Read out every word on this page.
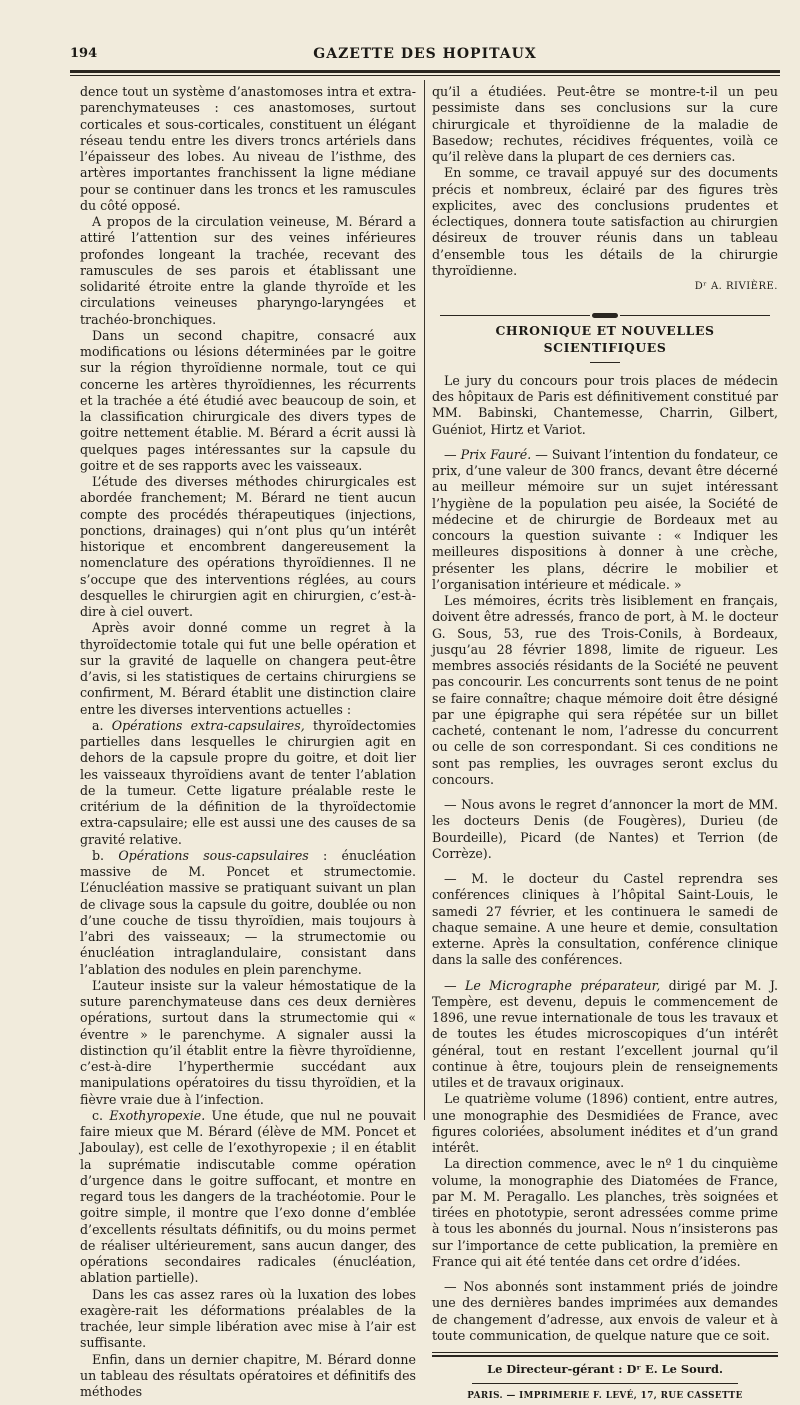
194	GAZETTE DES HOPITAUX

dence tout un système d’anastomoses intra et extra-parenchymateuses : ces anastomoses, surtout corticales et sous-corticales, constituent un élégant réseau tendu entre les divers troncs artériels dans l’épaisseur des lobes. Au niveau de l’isthme, des artères importantes franchissent la ligne médiane pour se continuer dans les troncs et les ramuscules du côté opposé.

A propos de la circulation veineuse, M. Bérard a attiré l’attention sur des veines inférieures profondes longeant la trachée, recevant des ramuscules de ses parois et établissant une solidarité étroite entre la glande thyroïde et les circulations veineuses pharyngo-laryngées et trachéo-bronchiques.

Dans un second chapitre, consacré aux modifications ou lésions déterminées par le goitre sur la région thyroïdienne normale, tout ce qui concerne les artères thyroïdiennes, les récurrents et la trachée a été étudié avec beaucoup de soin, et la classification chirurgicale des divers types de goitre nettement établie. M. Bérard a écrit aussi là quelques pages intéressantes sur la capsule du goitre et de ses rapports avec les vaisseaux.

L’étude des diverses méthodes chirurgicales est abordée franchement; M. Bérard ne tient aucun compte des procédés thérapeutiques (injections, ponctions, drainages) qui n’ont plus qu’un intérêt historique et encombrent dangereusement la nomenclature des opérations thyroïdiennes. Il ne s’occupe que des interventions réglées, au cours desquelles le chirurgien agit en chirurgien, c’est-à-dire à ciel ouvert.

Après avoir donné comme un regret à la thyroïdectomie totale qui fut une belle opération et sur la gravité de laquelle on changera peut-être d’avis, si les statistiques de certains chirurgiens se confirment, M. Bérard établit une distinction claire entre les diverses interventions actuelles :

a. Opérations extra-capsulaires, thyroïdectomies partielles dans lesquelles le chirurgien agit en dehors de la capsule propre du goitre, et doit lier les vaisseaux thyroïdiens avant de tenter l’ablation de la tumeur. Cette ligature préalable reste le critérium de la définition de la thyroïdectomie extra-capsulaire; elle est aussi une des causes de sa gravité relative.

b. Opérations sous-capsulaires : énucléation massive de M. Poncet et strumectomie. L’énucléation massive se pratiquant suivant un plan de clivage sous la capsule du goitre, doublée ou non d’une couche de tissu thyroïdien, mais toujours à l’abri des vaisseaux; — la strumectomie ou énucléation intraglandulaire, consistant dans l’ablation des nodules en plein parenchyme.

L’auteur insiste sur la valeur hémostatique de la suture parenchymateuse dans ces deux dernières opérations, surtout dans la strumectomie qui « éventre » le parenchyme. A signaler aussi la distinction qu’il établit entre la fièvre thyroïdienne, c’est-à-dire l’hyperthermie succédant aux manipulations opératoires du tissu thyroïdien, et la fièvre vraie due à l’infection.

c. Exothyropexie. Une étude, que nul ne pouvait faire mieux que M. Bérard (élève de MM. Poncet et Jaboulay), est celle de l’exothyropexie ; il en établit la suprématie indiscutable comme opération d’urgence dans le goitre suffocant, et montre en regard tous les dangers de la trachéotomie. Pour le goitre simple, il montre que l’exo donne d’emblée d’excellents résultats définitifs, ou du moins permet de réaliser ultérieurement, sans aucun danger, des opérations secondaires radicales (énucléation, ablation partielle).

Dans les cas assez rares où la luxation des lobes exagère-rait les déformations préalables de la trachée, leur simple libération avec mise à l’air est suffisante.

Enfin, dans un dernier chapitre, M. Bérard donne un tableau des résultats opératoires et définitifs des méthodes

qu’il a étudiées. Peut-être se montre-t-il un peu pessimiste dans ses conclusions sur la cure chirurgicale et thyroïdienne de la maladie de Basedow; rechutes, récidives fréquentes, voilà ce qu’il relève dans la plupart de ces derniers cas.

En somme, ce travail appuyé sur des documents précis et nombreux, éclairé par des figures très explicites, avec des conclusions prudentes et éclectiques, donnera toute satisfaction au chirurgien désireux de trouver réunis dans un tableau d’ensemble tous les détails de la chirurgie thyroïdienne.

Dʳ A. RIVIÈRE.
CHRONIQUE ET NOUVELLES SCIENTIFIQUES

Le jury du concours pour trois places de médecin des hôpitaux de Paris est définitivement constitué par MM. Babinski, Chantemesse, Charrin, Gilbert, Guéniot, Hirtz et Variot.

— Prix Fauré. — Suivant l’intention du fondateur, ce prix, d’une valeur de 300 francs, devant être décerné au meilleur mémoire sur un sujet intéressant l’hygiène de la population peu aisée, la Société de médecine et de chirurgie de Bordeaux met au concours la question suivante : « Indiquer les meilleures dispositions à donner à une crèche, présenter les plans, décrire le mobilier et l’organisation intérieure et médicale. »

Les mémoires, écrits très lisiblement en français, doivent être adressés, franco de port, à M. le docteur G. Sous, 53, rue des Trois-Conils, à Bordeaux, jusqu’au 28 février 1898, limite de rigueur. Les membres associés résidants de la Société ne peuvent pas concourir. Les concurrents sont tenus de ne point se faire connaître; chaque mémoire doit être désigné par une épigraphe qui sera répétée sur un billet cacheté, contenant le nom, l’adresse du concurrent ou celle de son correspondant. Si ces conditions ne sont pas remplies, les ouvrages seront exclus du concours.

— Nous avons le regret d’annoncer la mort de MM. les docteurs Denis (de Fougères), Durieu (de Bourdeille), Picard (de Nantes) et Terrion (de Corrèze).

— M. le docteur du Castel reprendra ses conférences cliniques à l’hôpital Saint-Louis, le samedi 27 février, et les continuera le samedi de chaque semaine. A une heure et demie, consultation externe. Après la consultation, conférence clinique dans la salle des conférences.

— Le Micrographe préparateur, dirigé par M. J. Tempère, est devenu, depuis le commencement de 1896, une revue internationale de tous les travaux et de toutes les études microscopiques d’un intérêt général, tout en restant l’excellent journal qu’il continue à être, toujours plein de renseignements utiles et de travaux originaux.

Le quatrième volume (1896) contient, entre autres, une monographie des Desmidiées de France, avec figures coloriées, absolument inédites et d’un grand intérêt.

La direction commence, avec le nº 1 du cinquième volume, la monographie des Diatomées de France, par M. M. Peragallo. Les planches, très soignées et tirées en phototypie, seront adressées comme prime à tous les abonnés du journal. Nous n’insisterons pas sur l’importance de cette publication, la première en France qui ait été tentée dans cet ordre d’idées.

— Nos abonnés sont instamment priés de joindre une des dernières bandes imprimées aux demandes de changement d’adresse, aux envois de valeur et à toute communication, de quelque nature que ce soit.

Le Directeur-gérant : Dʳ E. Le Sourd.
PARIS. — IMPRIMERIE F. LEVÉ, 17, RUE CASSETTE
